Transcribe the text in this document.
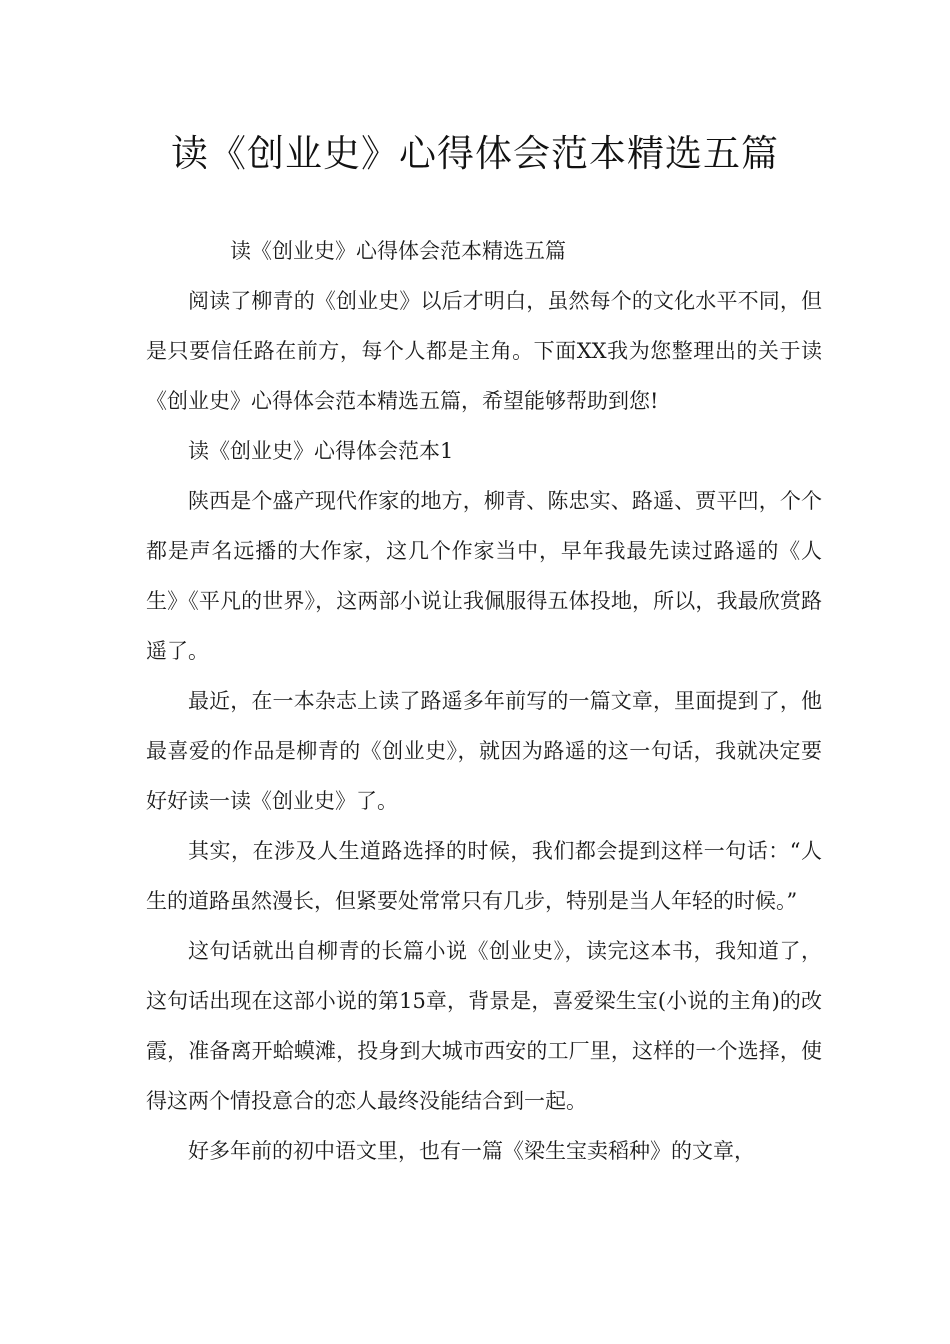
读《创业史》心得体会范本精选五篇

读《创业史》心得体会范本精选五篇

阅读了柳青的《创业史》以后才明白，虽然每个的文化水平不同，但是只要信任路在前方，每个人都是主角。下面XX我为您整理出的关于读《创业史》心得体会范本精选五篇，希望能够帮助到您!

读《创业史》心得体会范本1

陕西是个盛产现代作家的地方，柳青、陈忠实、路遥、贾平凹，个个都是声名远播的大作家，这几个作家当中，早年我最先读过路遥的《人生》《平凡的世界》，这两部小说让我佩服得五体投地，所以，我最欣赏路遥了。

最近，在一本杂志上读了路遥多年前写的一篇文章，里面提到了，他最喜爱的作品是柳青的《创业史》，就因为路遥的这一句话，我就决定要好好读一读《创业史》了。

其实，在涉及人生道路选择的时候，我们都会提到这样一句话：“人生的道路虽然漫长，但紧要处常常只有几步，特别是当人年轻的时候。”

这句话就出自柳青的长篇小说《创业史》，读完这本书，我知道了，这句话出现在这部小说的第15章，背景是，喜爱梁生宝(小说的主角)的改霞，准备离开蛤蟆滩，投身到大城市西安的工厂里，这样的一个选择，使得这两个情投意合的恋人最终没能结合到一起。

好多年前的初中语文里，也有一篇《梁生宝卖稻种》的文章，
